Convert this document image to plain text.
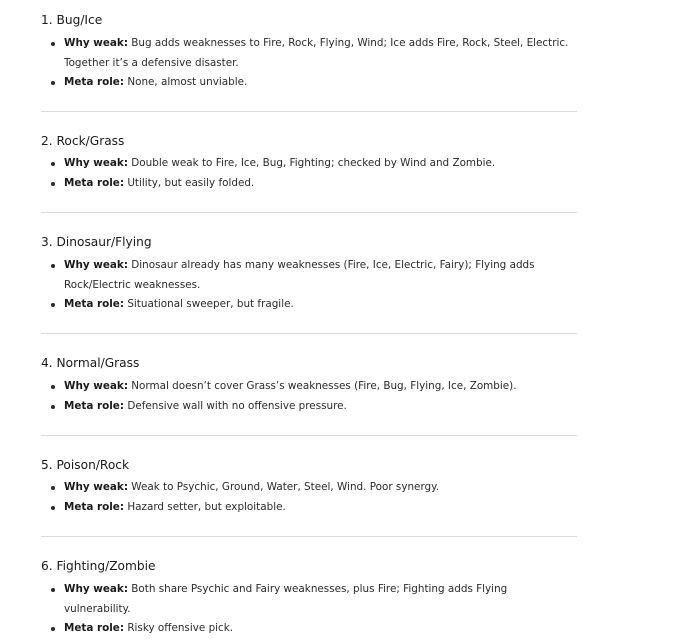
1. Bug/Ice
Why weak: Bug adds weaknesses to Fire, Rock, Flying, Wind; Ice adds Fire, Rock, Steel, Electric. Together it’s a defensive disaster.
Meta role: None, almost unviable.
2. Rock/Grass
Why weak: Double weak to Fire, Ice, Bug, Fighting; checked by Wind and Zombie.
Meta role: Utility, but easily folded.
3. Dinosaur/Flying
Why weak: Dinosaur already has many weaknesses (Fire, Ice, Electric, Fairy); Flying adds Rock/Electric weaknesses.
Meta role: Situational sweeper, but fragile.
4. Normal/Grass
Why weak: Normal doesn’t cover Grass’s weaknesses (Fire, Bug, Flying, Ice, Zombie).
Meta role: Defensive wall with no offensive pressure.
5. Poison/Rock
Why weak: Weak to Psychic, Ground, Water, Steel, Wind. Poor synergy.
Meta role: Hazard setter, but exploitable.
6. Fighting/Zombie
Why weak: Both share Psychic and Fairy weaknesses, plus Fire; Fighting adds Flying vulnerability.
Meta role: Risky offensive pick.
